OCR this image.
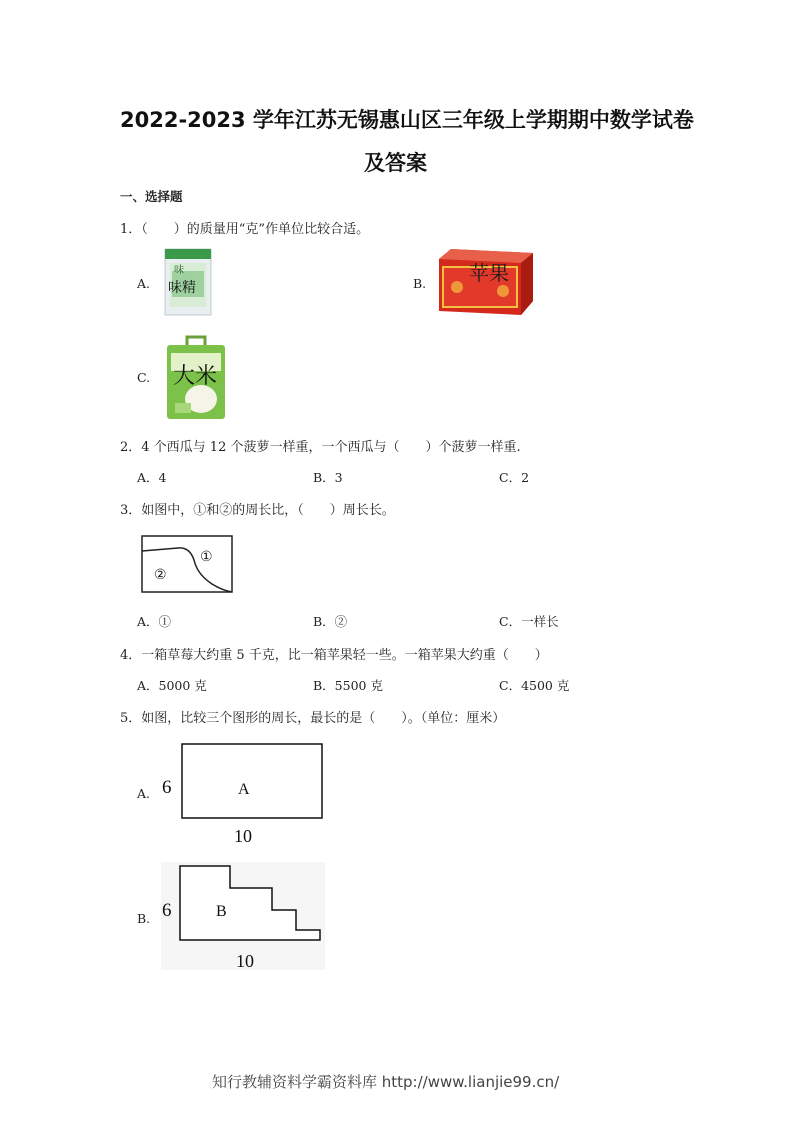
2022-2023 学年江苏无锡惠山区三年级上学期期中数学试卷
及答案
一、选择题
1．（　　）的质量用“克”作单位比较合适。
A.
味
味精	B. 苹果
C. 大米
2．4 个西瓜与 12 个菠萝一样重，一个西瓜与（　　）个菠萝一样重.
A．4	B．3	C．2
3．如图中，①和②的周长比，（　　）周长长。
①
②
A．①	B．②	C．一样长
4．一箱草莓大约重 5 千克，比一箱苹果轻一些。一箱苹果大约重（　　）
A．5000 克	B．5500 克	C．4500 克
5．如图，比较三个图形的周长，最长的是（　　）。（单位：厘米）
A. 6	A
10
B. 6	B
10
知行教辅资料学霸资料库 http://www.lianjie99.cn/
